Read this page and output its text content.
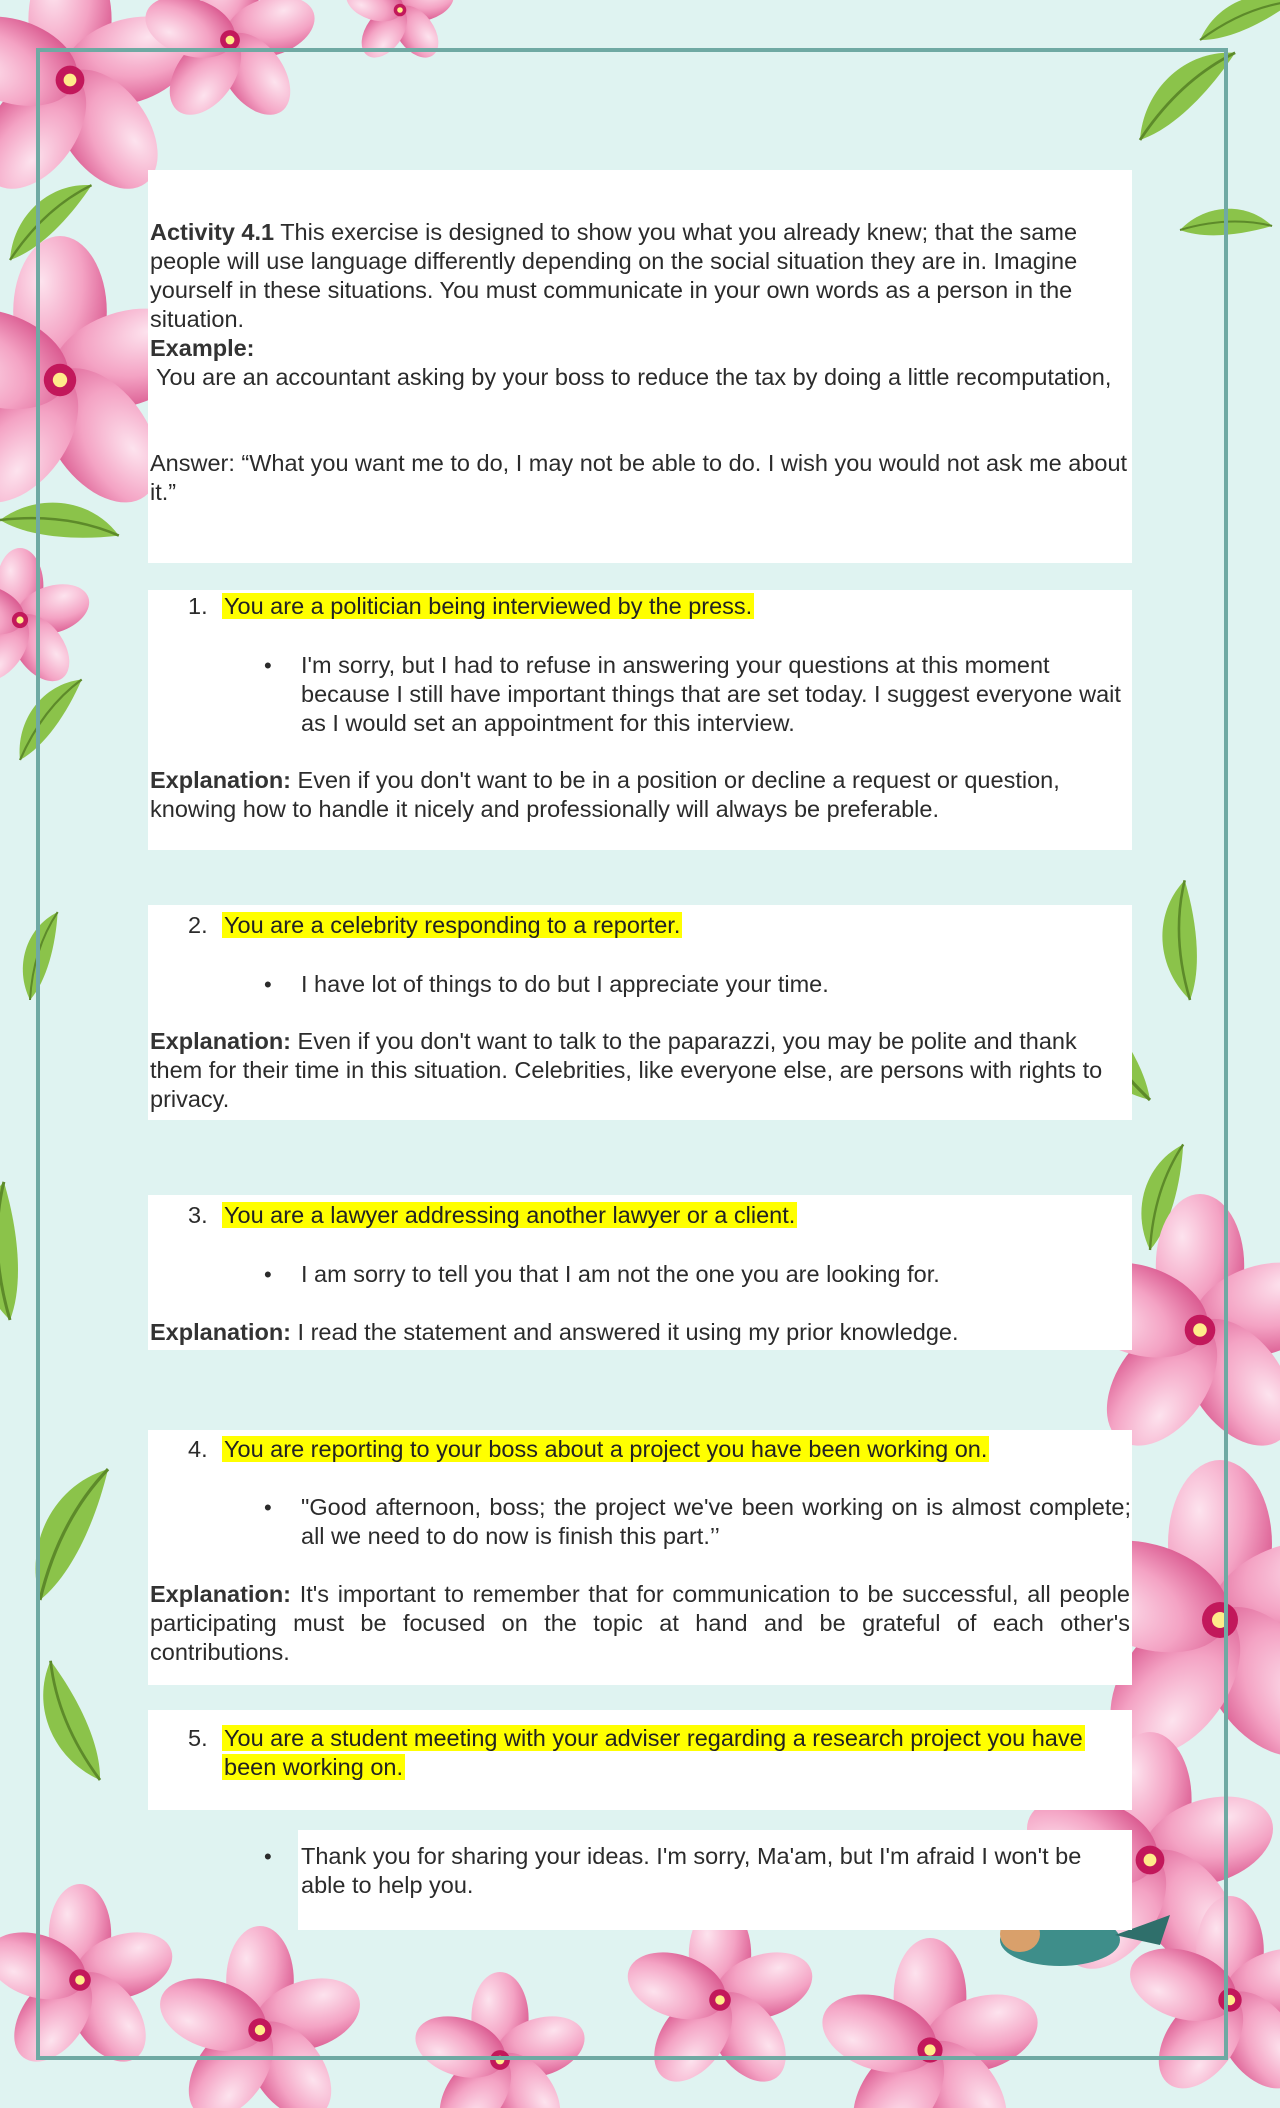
Activity 4.1 This exercise is designed to show you what you already knew; that the same people will use language differently depending on the social situation they are in. Imagine yourself in these situations. You must communicate in your own words as a person in the situation.
Example:
You are an accountant asking by your boss to reduce the tax by doing a little recomputation,
Answer: “What you want me to do, I may not be able to do. I wish you would not ask me about it.”
1. You are a politician being interviewed by the press.
• I'm sorry, but I had to refuse in answering your questions at this moment because I still have important things that are set today. I suggest everyone wait as I would set an appointment for this interview.
Explanation: Even if you don't want to be in a position or decline a request or question, knowing how to handle it nicely and professionally will always be preferable.
2. You are a celebrity responding to a reporter.
• I have lot of things to do but I appreciate your time.
Explanation: Even if you don't want to talk to the paparazzi, you may be polite and thank them for their time in this situation. Celebrities, like everyone else, are persons with rights to privacy.
3. You are a lawyer addressing another lawyer or a client.
• I am sorry to tell you that I am not the one you are looking for.
Explanation: I read the statement and answered it using my prior knowledge.
4. You are reporting to your boss about a project you have been working on.
• "Good afternoon, boss; the project we've been working on is almost complete; all we need to do now is finish this part.’’
Explanation: It's important to remember that for communication to be successful, all people participating must be focused on the topic at hand and be grateful of each other's contributions.
5. You are a student meeting with your adviser regarding a research project you have
been working on.
• Thank you for sharing your ideas. I'm sorry, Ma'am, but I'm afraid I won't be able to help you.
